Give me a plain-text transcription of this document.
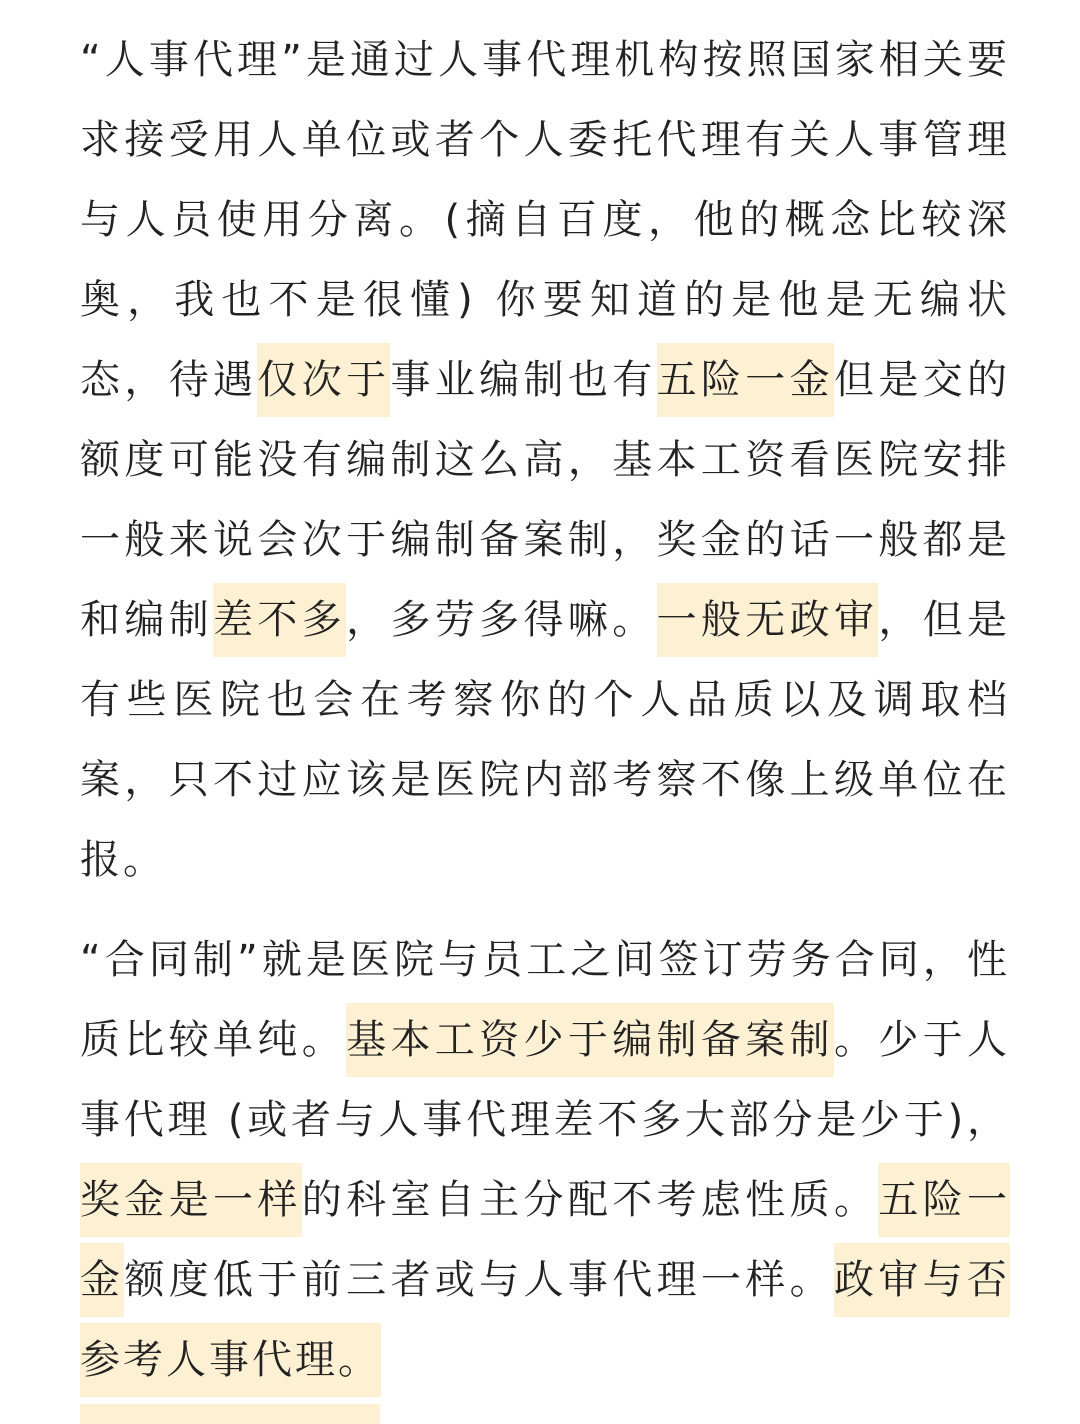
“人事代理”是通过人事代理机构按照国家相关要求接受用人单位或者个人委托代理有关人事管理与人员使用分离。(摘自百度，他的概念比较深奥，我也不是很懂) 你要知道的是他是无编状态，待遇仅次于事业编制也有五险一金但是交的额度可能没有编制这么高，基本工资看医院安排一般来说会次于编制备案制，奖金的话一般都是和编制差不多，多劳多得嘛。一般无政审，但是有些医院也会在考察你的个人品质以及调取档案，只不过应该是医院内部考察不像上级单位在报。

“合同制”就是医院与员工之间签订劳务合同，性质比较单纯。基本工资少于编制备案制。少于人事代理 (或者与人事代理差不多大部分是少于)，奖金是一样的科室自主分配不考虑性质。五险一金额度低于前三者或与人事代理一样。政审与否参考人事代理。
